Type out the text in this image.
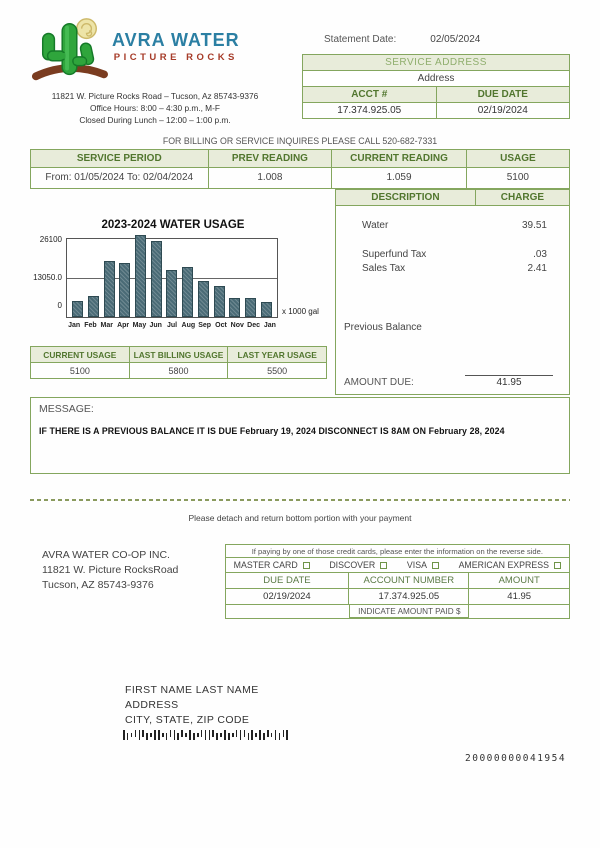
AVRA WATER
PICTURE ROCKS
11821 W. Picture Rocks Road – Tucson, Az 85743-9376
Office Hours: 8:00 – 4:30 p.m., M-F
Closed During Lunch – 12:00 – 1:00 p.m.
Statement Date:	02/05/2024
SERVICE ADDRESS
Address
ACCT #	DUE DATE
17.374.925.05	02/19/2024
FOR BILLING OR SERVICE INQUIRES PLEASE CALL 520-682-7331
SERVICE PERIOD	PREV READING	CURRENT READING	USAGE
From: 01/05/2024 To: 02/04/2024	1.008	1.059	5100
2023-2024 WATER USAGE
26100
13050.0
0
x 1000 gal
Jan Feb Mar Apr May Jun Jul Aug Sep Oct Nov Dec Jan
CURRENT USAGE	LAST BILLING USAGE	LAST YEAR USAGE
5100	5800	5500
DESCRIPTION	CHARGE
Water	39.51
Superfund Tax	.03
Sales Tax	2.41
Previous Balance
AMOUNT DUE:	41.95
MESSAGE:
IF THERE IS A PREVIOUS BALANCE IT IS DUE February 19, 2024 DISCONNECT IS 8AM ON February 28, 2024
Please detach and return bottom portion with your payment
AVRA WATER CO-OP INC.
11821 W. Picture RocksRoad
Tucson, AZ 85743-9376
If paying by one of those credit cards, please enter the information on the reverse side.
MASTER CARD	DISCOVER	VISA	AMERICAN EXPRESS
DUE DATE	ACCOUNT NUMBER	AMOUNT
02/19/2024	17.374.925.05	41.95
INDICATE AMOUNT PAID $
FIRST NAME LAST NAME
ADDRESS
CITY, STATE, ZIP CODE
20000000041954
